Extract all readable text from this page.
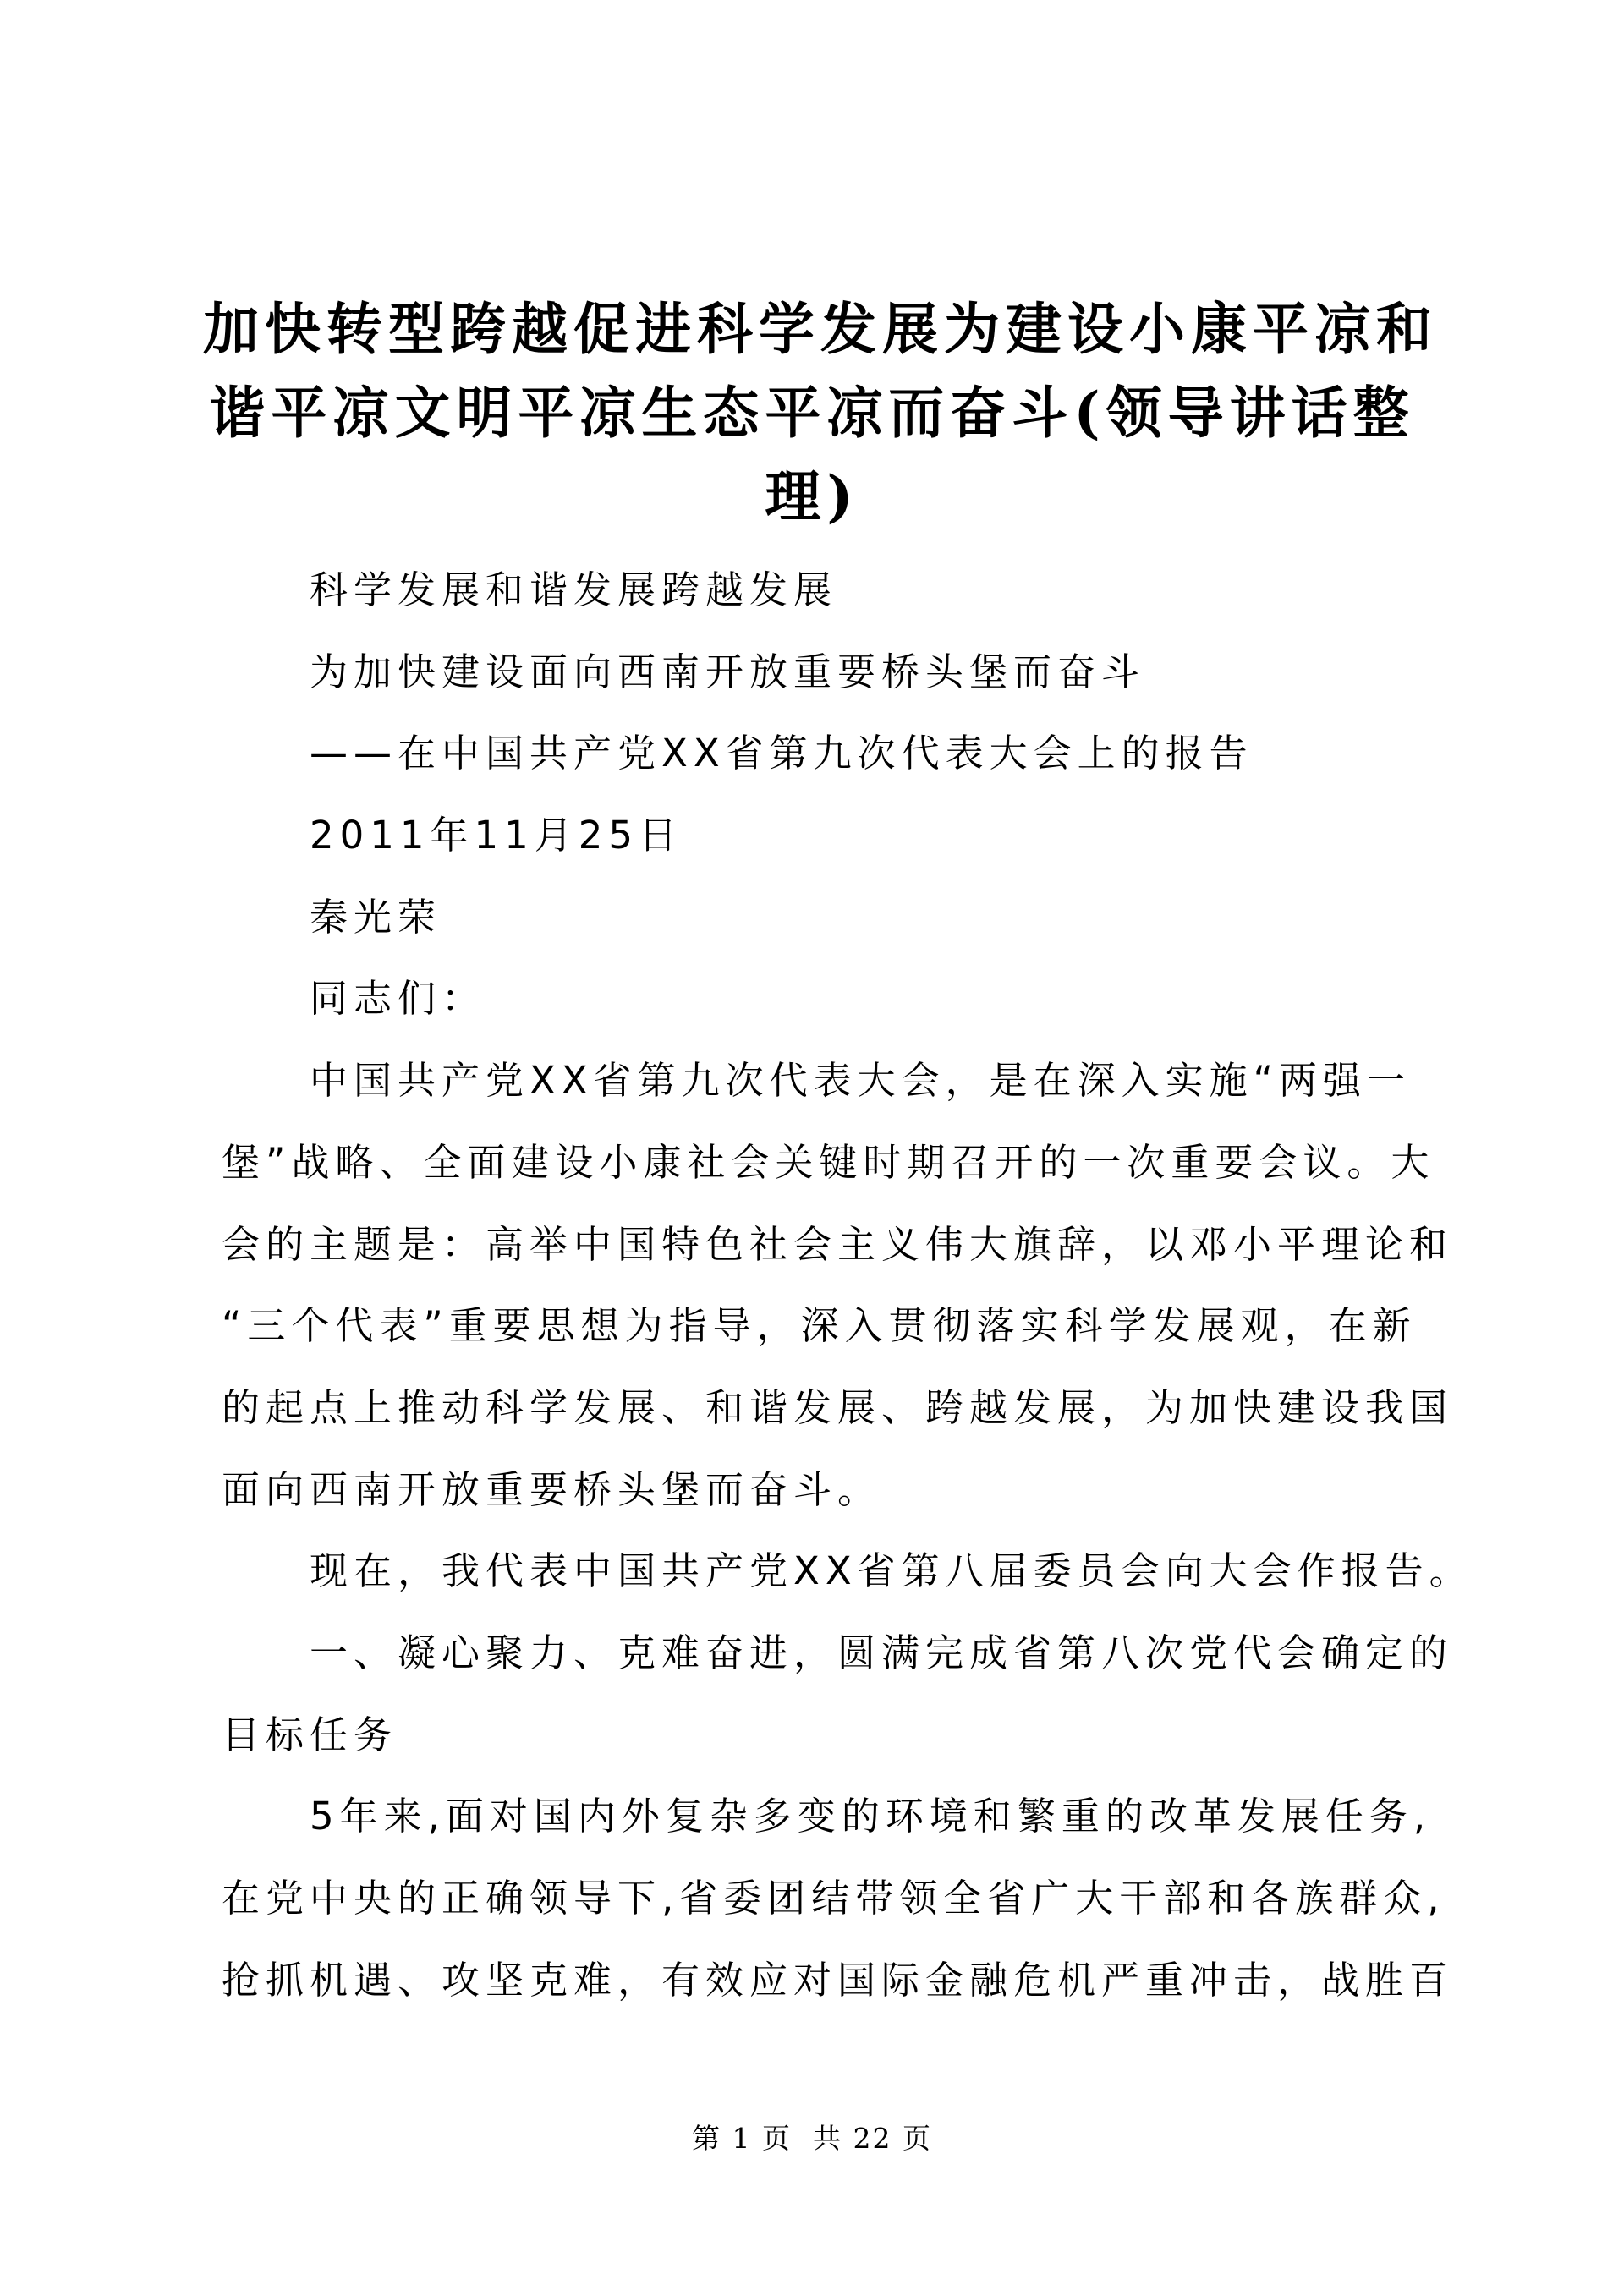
加快转型跨越促进科学发展为建设小康平凉和
谐平凉文明平凉生态平凉而奋斗(领导讲话整
理)
科学发展和谐发展跨越发展
为加快建设面向西南开放重要桥头堡而奋斗
——在中国共产党XX省第九次代表大会上的报告
2011年11月25日
秦光荣
同志们：
中国共产党XX省第九次代表大会，是在深入实施“两强一
堡”战略、全面建设小康社会关键时期召开的一次重要会议。大
会的主题是：高举中国特色社会主义伟大旗辞，以邓小平理论和
“三个代表”重要思想为指导，深入贯彻落实科学发展观，在新
的起点上推动科学发展、和谐发展、跨越发展，为加快建设我国
面向西南开放重要桥头堡而奋斗。
现在，我代表中国共产党XX省第八届委员会向大会作报告。
一、凝心聚力、克难奋进，圆满完成省第八次党代会确定的
目标任务
5年来,面对国内外复杂多变的环境和繁重的改革发展任务,
在党中央的正确领导下,省委团结带领全省广大干部和各族群众,
抢抓机遇、攻坚克难，有效应对国际金融危机严重冲击，战胜百
第 1 页  共 22 页
